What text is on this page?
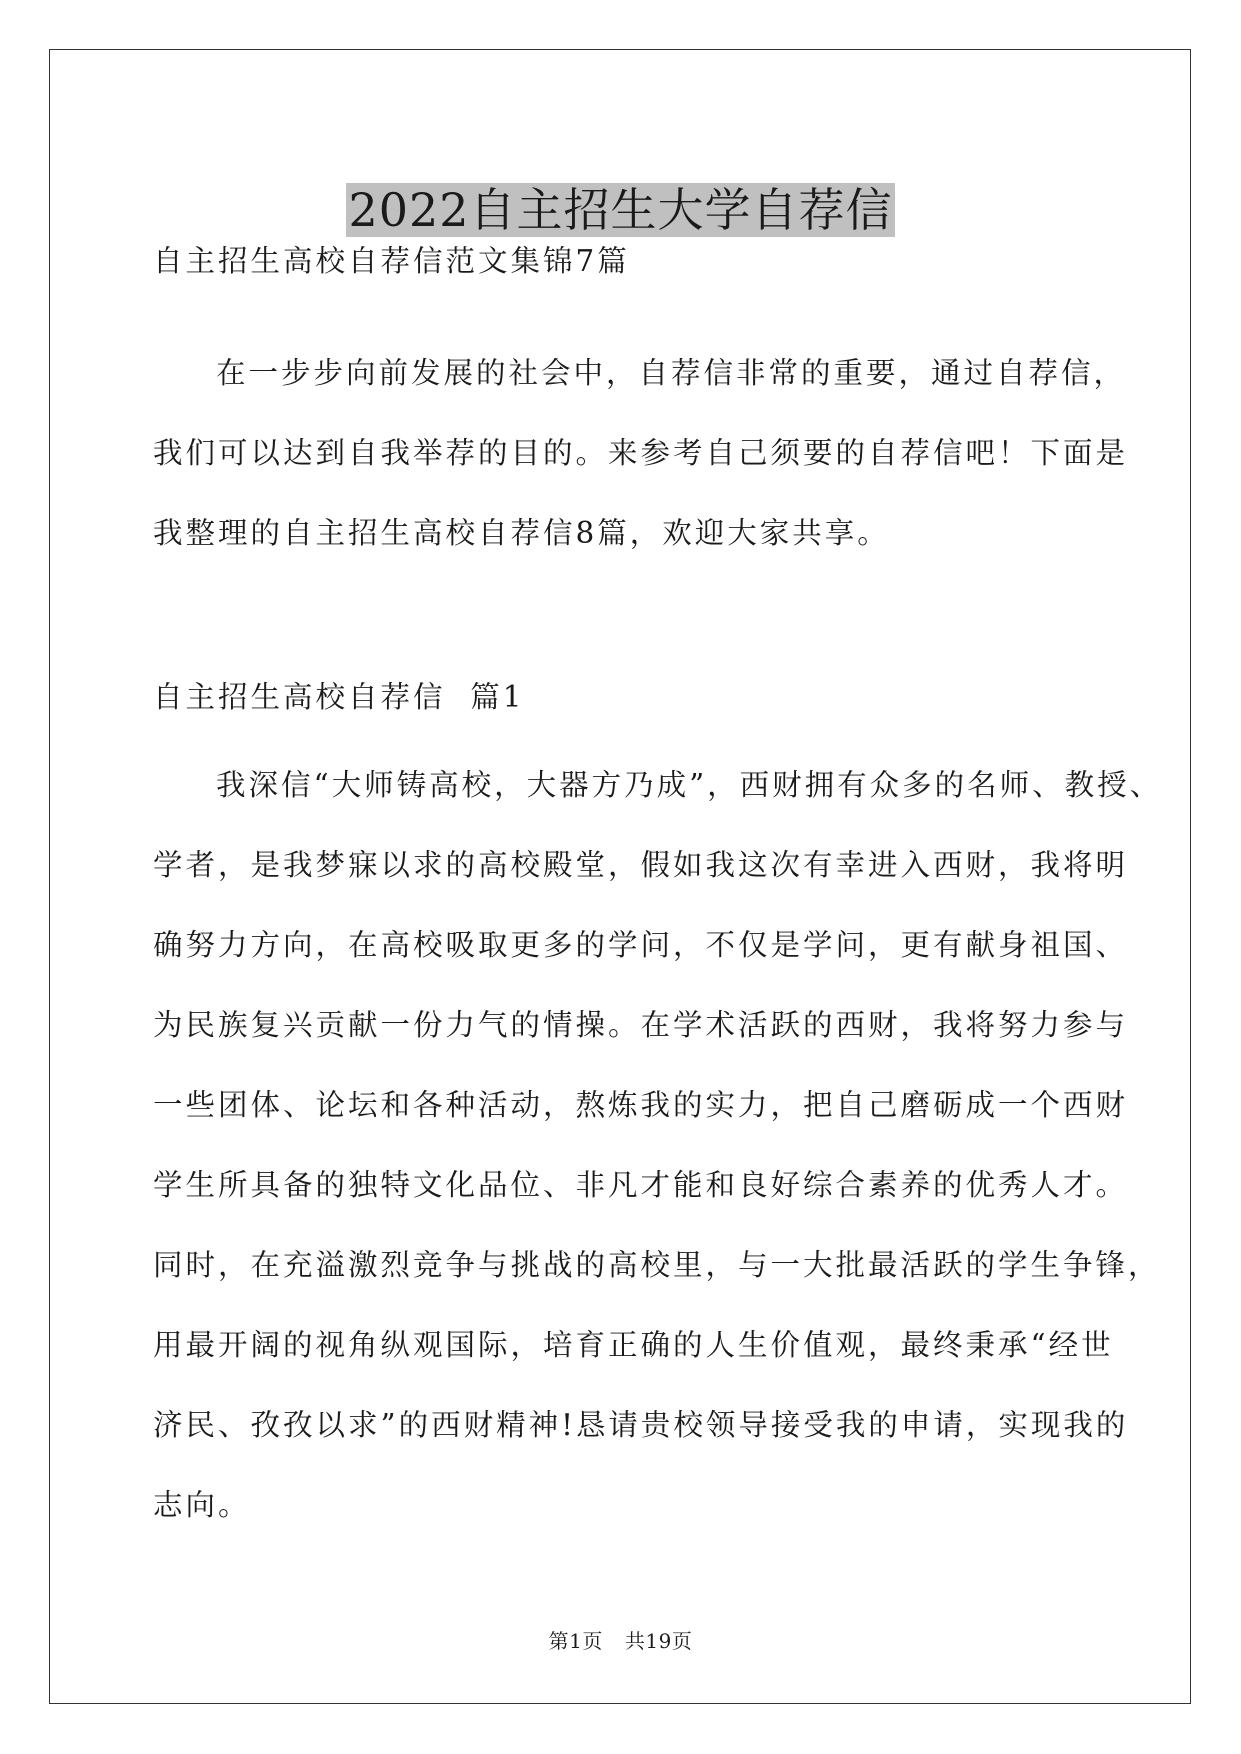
2022自主招生大学自荐信
自主招生高校自荐信范文集锦7篇
在一步步向前发展的社会中，自荐信非常的重要，通过自荐信，
我们可以达到自我举荐的目的。来参考自己须要的自荐信吧！下面是
我整理的自主招生高校自荐信8篇，欢迎大家共享。
自主招生高校自荐信  篇1
我深信“大师铸高校，大器方乃成”，西财拥有众多的名师、教授、
学者，是我梦寐以求的高校殿堂，假如我这次有幸进入西财，我将明
确努力方向，在高校吸取更多的学问，不仅是学问，更有献身祖国、
为民族复兴贡献一份力气的情操。在学术活跃的西财，我将努力参与
一些团体、论坛和各种活动，熬炼我的实力，把自己磨砺成一个西财
学生所具备的独特文化品位、非凡才能和良好综合素养的优秀人才。
同时，在充溢激烈竞争与挑战的高校里，与一大批最活跃的学生争锋，
用最开阔的视角纵观国际，培育正确的人生价值观，最终秉承“经世
济民、孜孜以求”的西财精神!恳请贵校领导接受我的申请，实现我的
志向。
第1页 共19页
